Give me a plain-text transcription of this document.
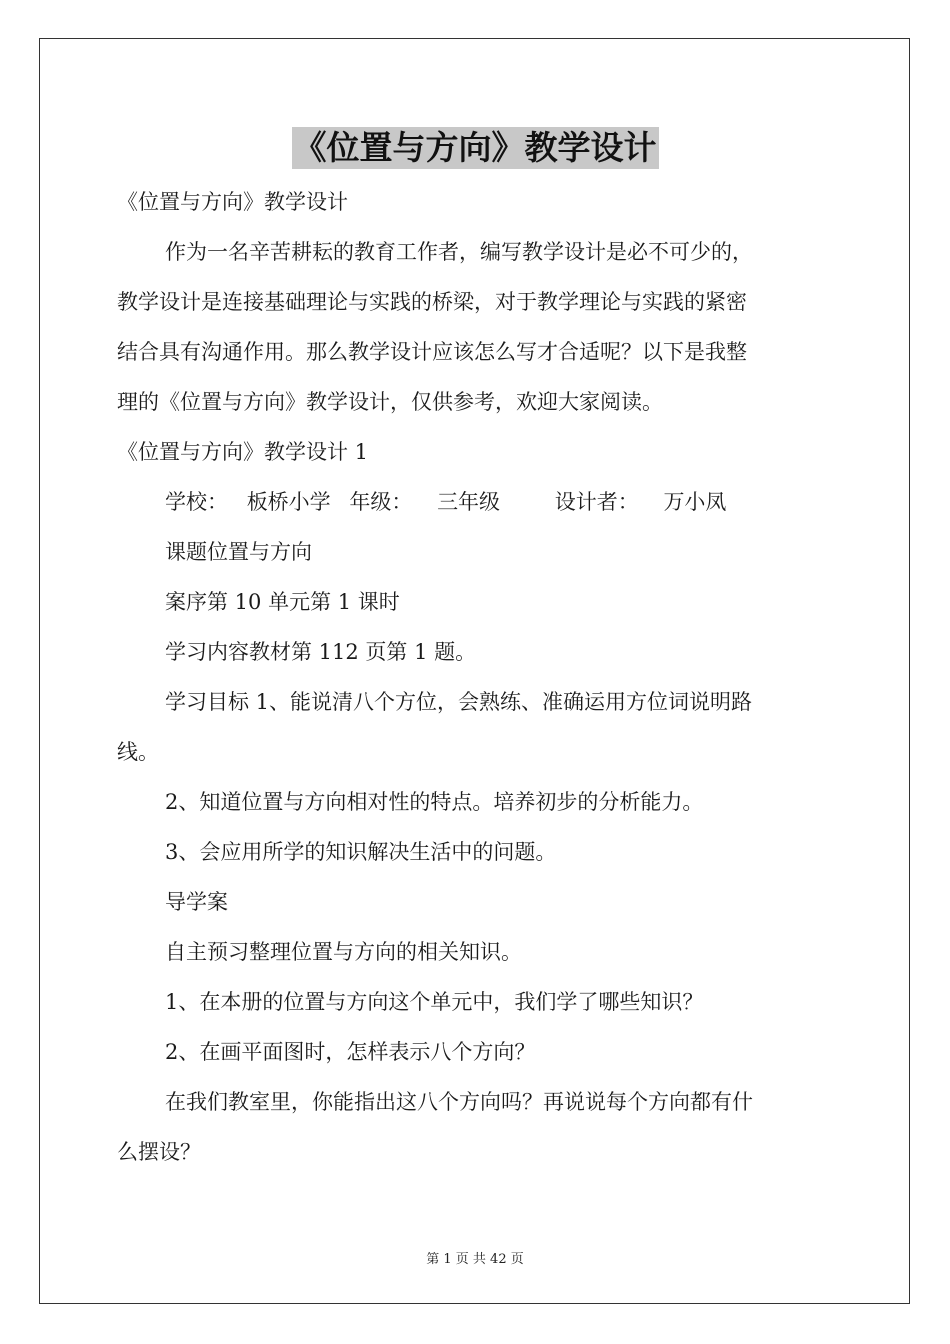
《位置与方向》教学设计
《位置与方向》教学设计
作为一名辛苦耕耘的教育工作者，编写教学设计是必不可少的，
教学设计是连接基础理论与实践的桥梁，对于教学理论与实践的紧密
结合具有沟通作用。那么教学设计应该怎么写才合适呢？以下是我整
理的《位置与方向》教学设计，仅供参考，欢迎大家阅读。
《位置与方向》教学设计 1
学校： 板桥小学 年级： 三年级	设计者： 万小凤
课题位置与方向
案序第 10 单元第 1 课时
学习内容教材第 112 页第 1 题。
学习目标 1、能说清八个方位，会熟练、准确运用方位词说明路
线。
2、知道位置与方向相对性的特点。培养初步的分析能力。
3、会应用所学的知识解决生活中的问题。
导学案
自主预习整理位置与方向的相关知识。
1、在本册的位置与方向这个单元中，我们学了哪些知识？
2、在画平面图时，怎样表示八个方向？
在我们教室里，你能指出这八个方向吗？再说说每个方向都有什
么摆设？
第 1 页 共 42 页
